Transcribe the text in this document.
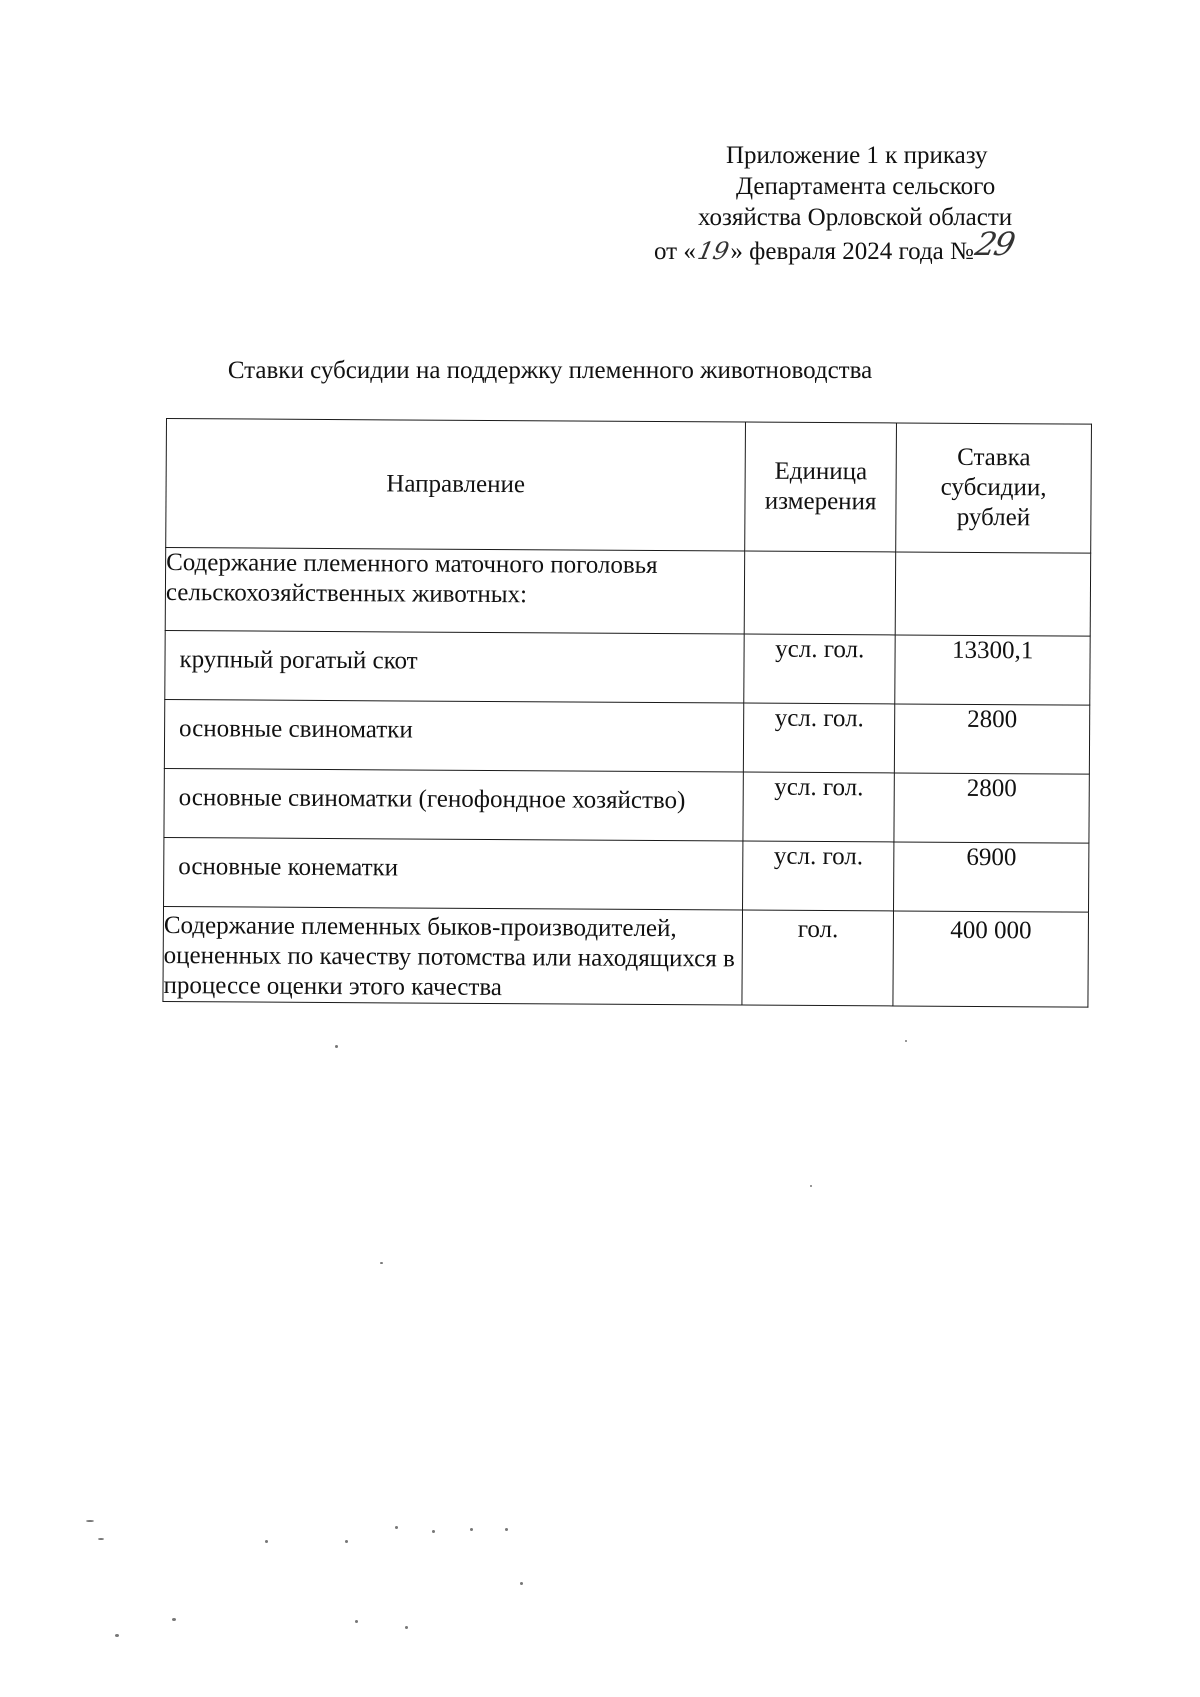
Приложение 1 к приказу
Департамента сельского
хозяйства Орловской области
от «19» февраля 2024 года №29
Ставки субсидии на поддержку племенного животноводства
Направление	Единица измерения	Ставка субсидии, рублей
Содержание племенного маточного поголовья сельскохозяйственных животных:		
крупный рогатый скот	усл. гол.	13300,1
основные свиноматки	усл. гол.	2800
основные свиноматки (генофондное хозяйство)	усл. гол.	2800
основные конематки	усл. гол.	6900
Содержание племенных быков-производителей, оцененных по качеству потомства или находящихся в процессе оценки этого качества	гол.	400 000
